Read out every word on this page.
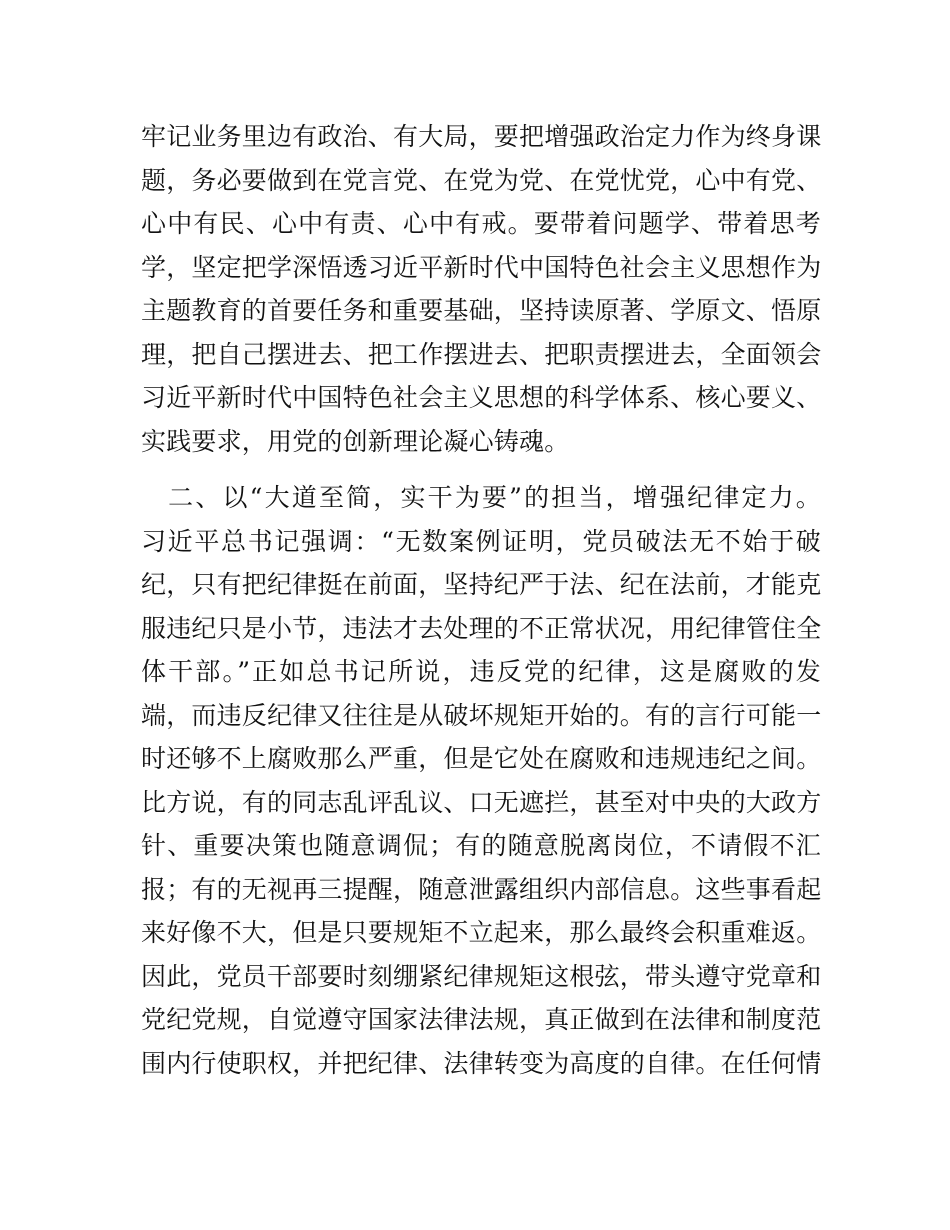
牢记业务里边有政治、有大局，要把增强政治定力作为终身课
题，务必要做到在党言党、在党为党、在党忧党，心中有党、
心中有民、心中有责、心中有戒。要带着问题学、带着思考
学，坚定把学深悟透习近平新时代中国特色社会主义思想作为
主题教育的首要任务和重要基础，坚持读原著、学原文、悟原
理，把自己摆进去、把工作摆进去、把职责摆进去，全面领会
习近平新时代中国特色社会主义思想的科学体系、核心要义、
实践要求，用党的创新理论凝心铸魂。
　二、以“大道至简，实干为要”的担当，增强纪律定力。
习近平总书记强调：“无数案例证明，党员破法无不始于破
纪，只有把纪律挺在前面，坚持纪严于法、纪在法前，才能克
服违纪只是小节，违法才去处理的不正常状况，用纪律管住全
体干部。”正如总书记所说，违反党的纪律，这是腐败的发
端，而违反纪律又往往是从破坏规矩开始的。有的言行可能一
时还够不上腐败那么严重，但是它处在腐败和违规违纪之间。
比方说，有的同志乱评乱议、口无遮拦，甚至对中央的大政方
针、重要决策也随意调侃；有的随意脱离岗位，不请假不汇
报；有的无视再三提醒，随意泄露组织内部信息。这些事看起
来好像不大，但是只要规矩不立起来，那么最终会积重难返。
因此，党员干部要时刻绷紧纪律规矩这根弦，带头遵守党章和
党纪党规，自觉遵守国家法律法规，真正做到在法律和制度范
围内行使职权，并把纪律、法律转变为高度的自律。在任何情
